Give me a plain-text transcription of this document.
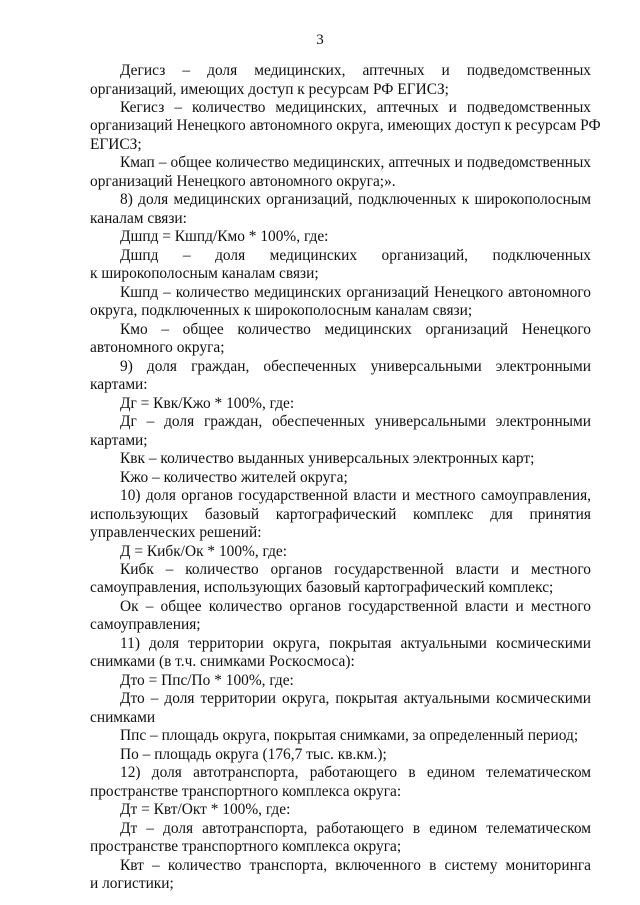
3
Дегисз – доля медицинских, аптечных и подведомственных
организаций, имеющих доступ к ресурсам РФ ЕГИСЗ;
Кегисз – количество медицинских, аптечных и подведомственных
организаций Ненецкого автономного округа, имеющих доступ к ресурсам РФ
ЕГИСЗ;
Кмап – общее количество медицинских, аптечных и подведомственных
организаций Ненецкого автономного округа;».
8) доля медицинских организаций, подключенных к широкополосным
каналам связи:
Дшпд = Кшпд/Кмо * 100%, где:
Дшпд – доля медицинских организаций, подключенных
к широкополосным каналам связи;
Кшпд – количество медицинских организаций Ненецкого автономного
округа, подключенных к широкополосным каналам связи;
Кмо – общее количество медицинских организаций Ненецкого
автономного округа;
9) доля граждан, обеспеченных универсальными электронными
картами:
Дг = Квк/Кжо * 100%, где:
Дг – доля граждан, обеспеченных универсальными электронными
картами;
Квк – количество выданных универсальных электронных карт;
Кжо – количество жителей округа;
10) доля органов государственной власти и местного самоуправления,
использующих базовый картографический комплекс для принятия
управленческих решений:
Д = Кибк/Ок * 100%, где:
Кибк – количество органов государственной власти и местного
самоуправления, использующих базовый картографический комплекс;
Ок – общее количество органов государственной власти и местного
самоуправления;
11) доля территории округа, покрытая актуальными космическими
снимками (в т.ч. снимками Роскосмоса):
Дто = Ппс/По * 100%, где:
Дто – доля территории округа, покрытая актуальными космическими
снимками
Ппс – площадь округа, покрытая снимками, за определенный период;
По – площадь округа (176,7 тыс. кв.км.);
12) доля автотранспорта, работающего в едином телематическом
пространстве транспортного комплекса округа:
Дт = Квт/Окт * 100%, где:
Дт – доля автотранспорта, работающего в едином телематическом
пространстве транспортного комплекса округа;
Квт – количество транспорта, включенного в систему мониторинга
и логистики;
